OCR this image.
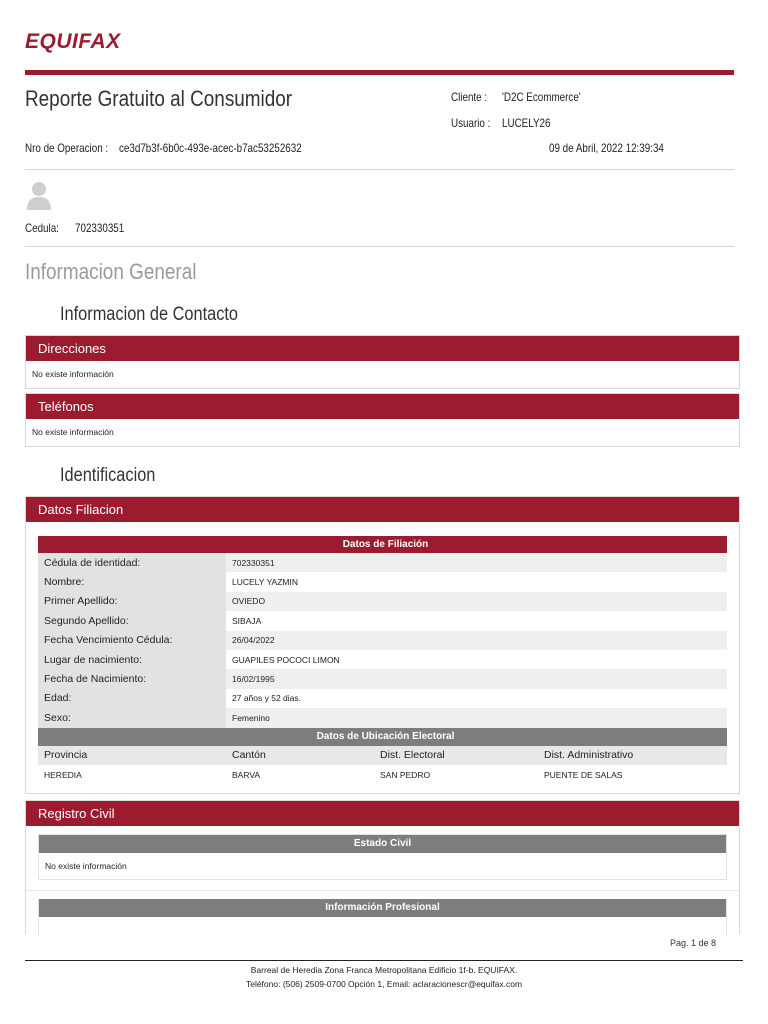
EQUIFAX
Reporte Gratuito al Consumidor	Cliente : 'D2C Ecommerce'
Usuario : LUCELY26
Nro de Operacion : ce3d7b3f-6b0c-493e-acec-b7ac53252632	09 de Abril, 2022 12:39:34
Cedula: 702330351
Informacion General
Informacion de Contacto
Direcciones
No existe información
Teléfonos
No existe información
Identificacion
Datos Filiacion
Datos de Filiación			
Cédula de identidad:	702330351		
Nombre:	LUCELY YAZMIN		
Primer Apellido:	OVIEDO		
Segundo Apellido:	SIBAJA		
Fecha Vencimiento Cédula:	26/04/2022		
Lugar de nacimiento:	GUAPILES POCOCI LIMON		
Fecha de Nacimiento:	16/02/1995		
Edad:	27 años y 52 dias.		
Sexo:	Femenino		
Datos de Ubicación Electoral			
Provincia	Cantón	Dist. Electoral	Dist. Administrativo
HEREDIA	BARVA	SAN PEDRO	PUENTE DE SALAS
Registro Civil
Estado Civil
No existe información
Información Profesional
Pag. 1 de 8
Barreal de Heredia Zona Franca Metropolitana Edificio 1f-b. EQUIFAX.
Teléfono: (506) 2509-0700 Opción 1, Email: aclaracionescr@equifax.com
